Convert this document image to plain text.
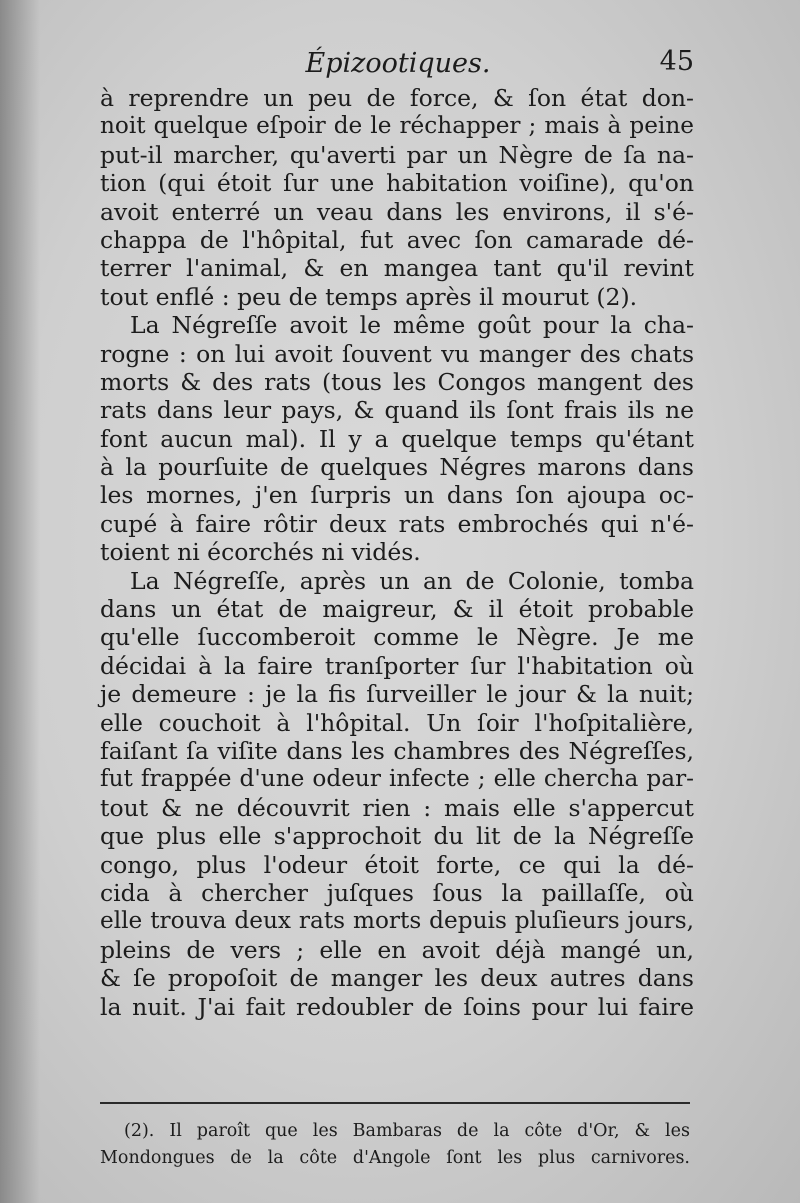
Épizootiques.	45
à reprendre un peu de force, & ſon état don-
noit quelque eſpoir de le réchapper ; mais à peine
put-il marcher, qu'averti par un Nègre de ſa na-
tion (qui étoit ſur une habitation voiſine), qu'on
avoit enterré un veau dans les environs, il s'é-
chappa de l'hôpital, fut avec ſon camarade dé-
terrer l'animal, & en mangea tant qu'il revint
tout enflé : peu de temps après il mourut (2).
La Négreſſe avoit le même goût pour la cha-
rogne : on lui avoit ſouvent vu manger des chats
morts & des rats (tous les Congos mangent des
rats dans leur pays, & quand ils ſont frais ils ne
font aucun mal). Il y a quelque temps qu'étant
à la pourſuite de quelques Négres marons dans
les mornes, j'en ſurpris un dans ſon ajoupa oc-
cupé à faire rôtir deux rats embrochés qui n'é-
toient ni écorchés ni vidés.
La Négreſſe, après un an de Colonie, tomba
dans un état de maigreur, & il étoit probable
qu'elle ſuccomberoit comme le Nègre. Je me
décidai à la faire tranſporter ſur l'habitation où
je demeure : je la fis ſurveiller le jour & la nuit;
elle couchoit à l'hôpital. Un ſoir l'hoſpitalière,
faiſant ſa viſite dans les chambres des Négreſſes,
fut frappée d'une odeur infecte ; elle chercha par-
tout & ne découvrit rien : mais elle s'appercut
que plus elle s'approchoit du lit de la Négreſſe
congo, plus l'odeur étoit forte, ce qui la dé-
cida à chercher juſques ſous la paillaſſe, où
elle trouva deux rats morts depuis pluſieurs jours,
pleins de vers ; elle en avoit déjà mangé un,
& ſe propoſoit de manger les deux autres dans
la nuit. J'ai fait redoubler de ſoins pour lui faire
(2). Il paroît que les Bambaras de la côte d'Or, & les
Mondongues de la côte d'Angole ſont les plus carnivores.
